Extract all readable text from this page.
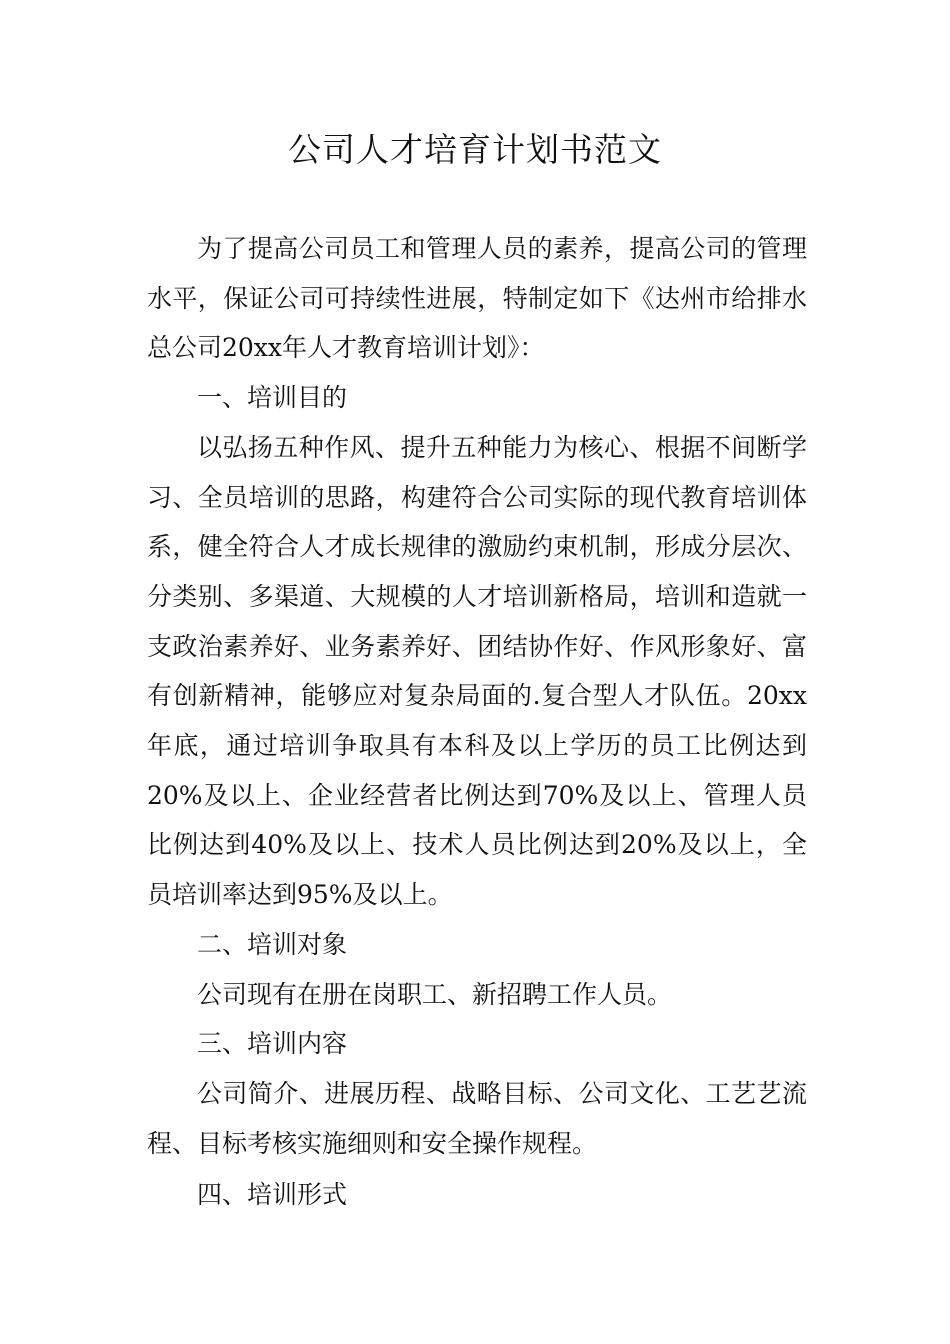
公司人才培育计划书范文

为了提高公司员工和管理人员的素养，提高公司的管理水平，保证公司可持续性进展，特制定如下《达州市给排水总公司20xx年人才教育培训计划》：

一、培训目的

以弘扬五种作风、提升五种能力为核心、根据不间断学习、全员培训的思路，构建符合公司实际的现代教育培训体系，健全符合人才成长规律的激励约束机制，形成分层次、分类别、多渠道、大规模的人才培训新格局，培训和造就一支政治素养好、业务素养好、团结协作好、作风形象好、富有创新精神，能够应对复杂局面的.复合型人才队伍。20xx年底，通过培训争取具有本科及以上学历的员工比例达到20%及以上、企业经营者比例达到70%及以上、管理人员比例达到40%及以上、技术人员比例达到20%及以上，全员培训率达到95%及以上。

二、培训对象

公司现有在册在岗职工、新招聘工作人员。

三、培训内容

公司简介、进展历程、战略目标、公司文化、工艺艺流程、目标考核实施细则和安全操作规程。

四、培训形式
